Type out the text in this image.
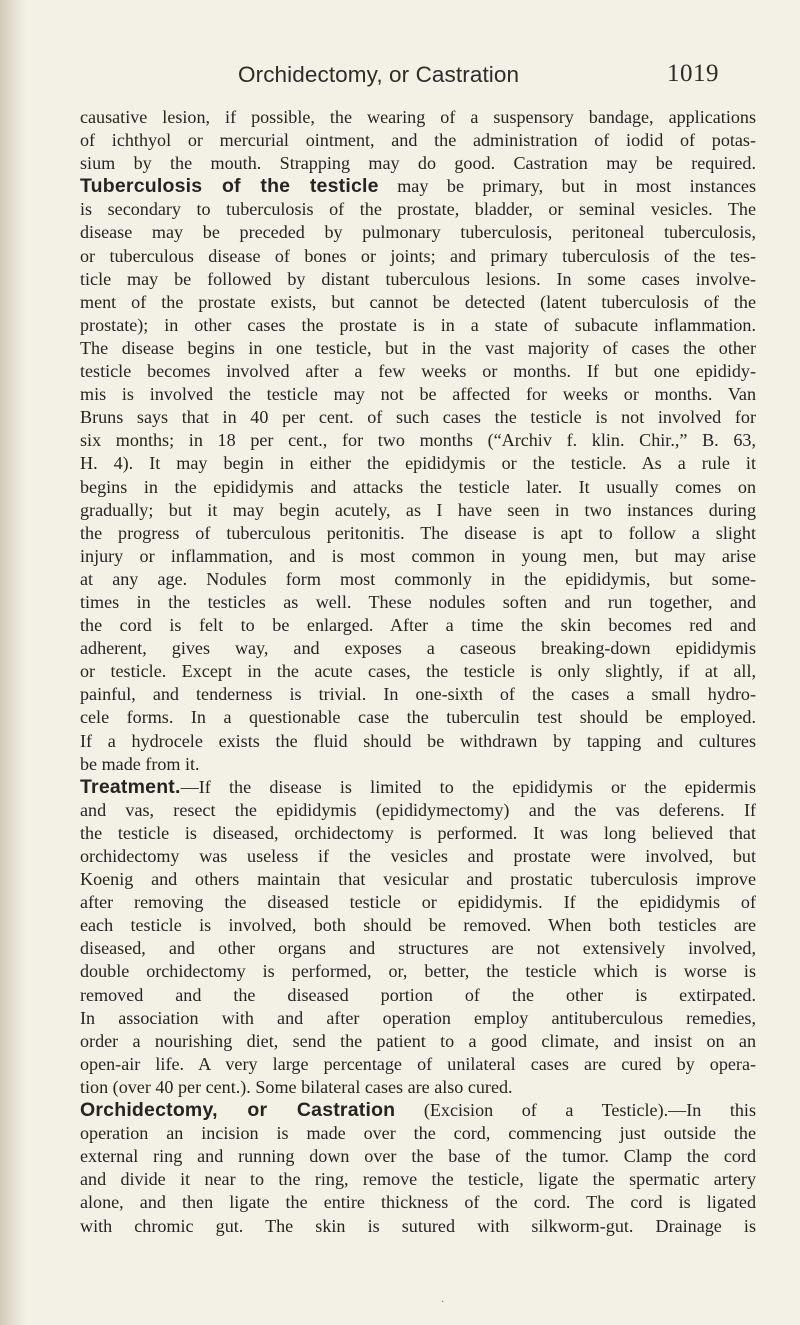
Orchidectomy, or Castration	1019
causative lesion, if possible, the wearing of a suspensory bandage, applications
of ichthyol or mercurial ointment, and the administration of iodid of potas-
sium by the mouth. Strapping may do good. Castration may be required.
Tuberculosis of the testicle may be primary, but in most instances
is secondary to tuberculosis of the prostate, bladder, or seminal vesicles. The
disease may be preceded by pulmonary tuberculosis, peritoneal tuberculosis,
or tuberculous disease of bones or joints; and primary tuberculosis of the tes-
ticle may be followed by distant tuberculous lesions. In some cases involve-
ment of the prostate exists, but cannot be detected (latent tuberculosis of the
prostate); in other cases the prostate is in a state of subacute inflammation.
The disease begins in one testicle, but in the vast majority of cases the other
testicle becomes involved after a few weeks or months. If but one epididy-
mis is involved the testicle may not be affected for weeks or months. Van
Bruns says that in 40 per cent. of such cases the testicle is not involved for
six months; in 18 per cent., for two months (“Archiv f. klin. Chir.,” B. 63,
H. 4). It may begin in either the epididymis or the testicle. As a rule it
begins in the epididymis and attacks the testicle later. It usually comes on
gradually; but it may begin acutely, as I have seen in two instances during
the progress of tuberculous peritonitis. The disease is apt to follow a slight
injury or inflammation, and is most common in young men, but may arise
at any age. Nodules form most commonly in the epididymis, but some-
times in the testicles as well. These nodules soften and run together, and
the cord is felt to be enlarged. After a time the skin becomes red and
adherent, gives way, and exposes a caseous breaking-down epididymis
or testicle. Except in the acute cases, the testicle is only slightly, if at all,
painful, and tenderness is trivial. In one-sixth of the cases a small hydro-
cele forms. In a questionable case the tuberculin test should be employed.
If a hydrocele exists the fluid should be withdrawn by tapping and cultures
be made from it.
Treatment.—If the disease is limited to the epididymis or the epidermis
and vas, resect the epididymis (epididymectomy) and the vas deferens. If
the testicle is diseased, orchidectomy is performed. It was long believed that
orchidectomy was useless if the vesicles and prostate were involved, but
Koenig and others maintain that vesicular and prostatic tuberculosis improve
after removing the diseased testicle or epididymis. If the epididymis of
each testicle is involved, both should be removed. When both testicles are
diseased, and other organs and structures are not extensively involved,
double orchidectomy is performed, or, better, the testicle which is worse is
removed and the diseased portion of the other is extirpated.
In association with and after operation employ antituberculous remedies,
order a nourishing diet, send the patient to a good climate, and insist on an
open-air life. A very large percentage of unilateral cases are cured by opera-
tion (over 40 per cent.). Some bilateral cases are also cured.
Orchidectomy, or Castration (Excision of a Testicle).—In this
operation an incision is made over the cord, commencing just outside the
external ring and running down over the base of the tumor. Clamp the cord
and divide it near to the ring, remove the testicle, ligate the spermatic artery
alone, and then ligate the entire thickness of the cord. The cord is ligated
with chromic gut. The skin is sutured with silkworm-gut. Drainage is
․
